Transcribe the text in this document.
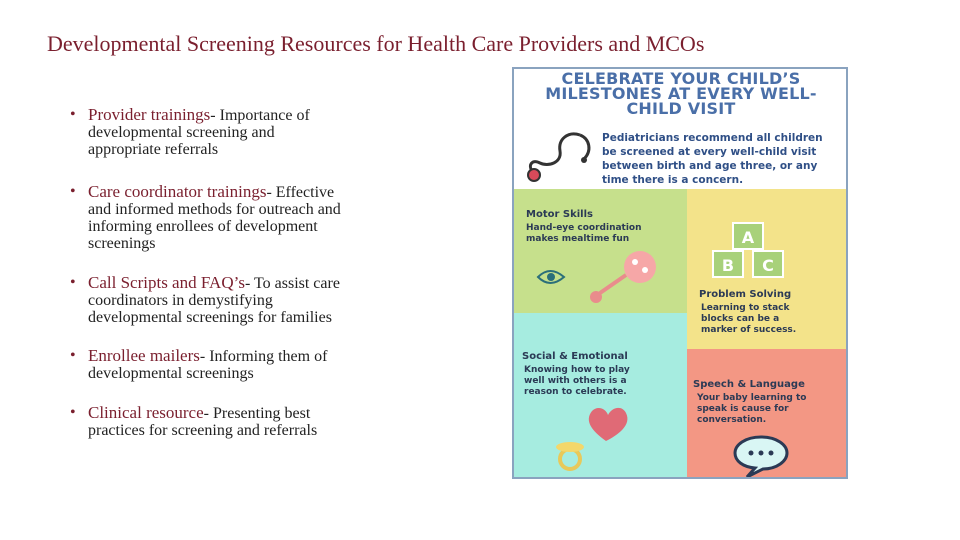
Developmental Screening Resources for Health Care Providers and MCOs
• Provider trainings- Importance of
developmental screening and
appropriate referrals
• Care coordinator trainings- Effective
and informed methods for outreach and
informing enrollees of development
screenings
• Call Scripts and FAQ’s- To assist care
coordinators in demystifying
developmental screenings for families
• Enrollee mailers- Informing them of
developmental screenings
• Clinical resource- Presenting best
practices for screening and referrals
CELEBRATE YOUR CHILD’S
MILESTONES AT EVERY WELL-
CHILD VISIT
Pediatricians recommend all children
be screened at every well-child visit
between birth and age three, or any
time there is a concern.
Motor Skills
Hand-eye coordination
makes mealtime fun	A
B C
Problem Solving
Learning to stack
blocks can be a
marker of success.
Social & Emotional
Knowing how to play
well with others is a
reason to celebrate.
Speech & Language
Your baby learning to
speak is cause for
conversation.
